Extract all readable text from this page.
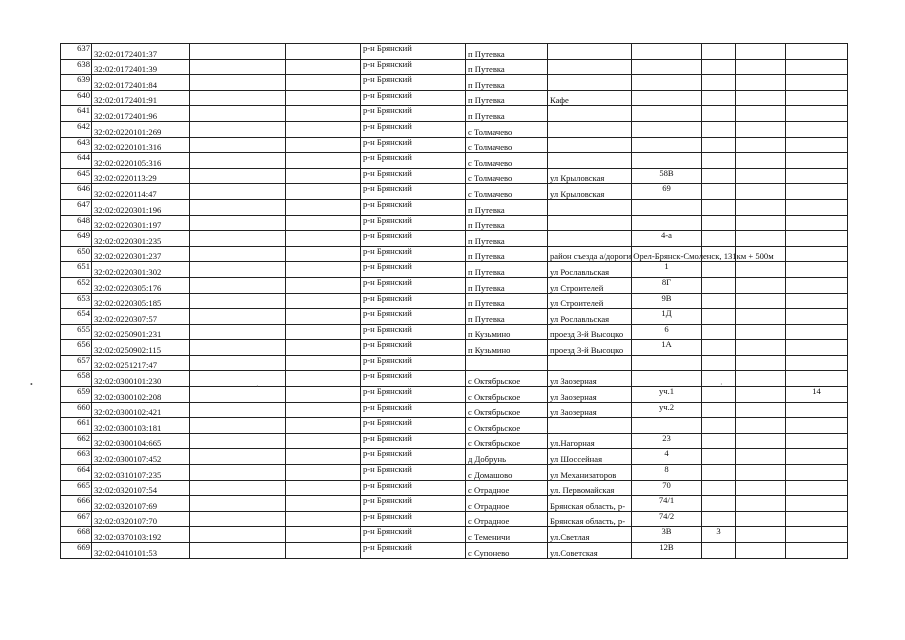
637	32:02:0172401:37			р-н Брянский	п Путевка					
638	32:02:0172401:39			р-н Брянский	п Путевка					
639	32:02:0172401:84			р-н Брянский	п Путевка					
640	32:02:0172401:91			р-н Брянский	п Путевка	Кафе				
641	32:02:0172401:96			р-н Брянский	п Путевка					
642	32:02:0220101:269			р-н Брянский	с Толмачево					
643	32:02:0220101:316			р-н Брянский	с Толмачево					
644	32:02:0220105:316			р-н Брянский	с Толмачево					
645	32:02:0220113:29			р-н Брянский	с Толмачево	ул Крыловская	58В			
646	32:02:0220114:47			р-н Брянский	с Толмачево	ул Крыловская	69			
647	32:02:0220301:196			р-н Брянский	п Путевка					
648	32:02:0220301:197			р-н Брянский	п Путевка					
649	32:02:0220301:235			р-н Брянский	п Путевка		4-а			
650	32:02:0220301:237			р-н Брянский	п Путевка	район съезда а/дороги Орел-Брянск-Смоленск, 131км + 500м				
651	32:02:0220301:302			р-н Брянский	п Путевка	ул Рославльская	1			
652	32:02:0220305:176			р-н Брянский	п Путевка	ул Строителей	8Г			
653	32:02:0220305:185			р-н Брянский	п Путевка	ул Строителей	9В			
654	32:02:0220307:57			р-н Брянский	п Путевка	ул Рославльская	1Д			
655	32:02:0250901:231			р-н Брянский	п Кузьмино	проезд 3-й Высоцко	6			
656	32:02:0250902:115			р-н Брянский	п Кузьмино	проезд 3-й Высоцко	1А			
657	32:02:0251217:47			р-н Брянский						
658	32:02:0300101:230			р-н Брянский	с Октябрьское	ул Заозерная				
659	32:02:0300102:208			р-н Брянский	с Октябрьское	ул Заозерная	уч.1			14
660	32:02:0300102:421			р-н Брянский	с Октябрьское	ул Заозерная	уч.2			
661	32:02:0300103:181			р-н Брянский	с Октябрьское					
662	32:02:0300104:665			р-н Брянский	с Октябрьское	ул.Нагорная	23			
663	32:02:0300107:452			р-н Брянский	д Добрунь	ул Шоссейная	4			
664	32:02:0310107:235			р-н Брянский	с Домашово	ул Механизаторов	8			
665	32:02:0320107:54			р-н Брянский	с Отрадное	ул. Первомайская	70			
666	32:02:0320107:69			р-н Брянский	с Отрадное	Брянская область, р-	74/1			
667	32:02:0320107:70			р-н Брянский	с Отрадное	Брянская область, р-	74/2			
668	32:02:0370103:192			р-н Брянский	с Теменичи	ул.Светлая	3В	3		
669	32:02:0410101:53			р-н Брянский	с Супонево	ул.Советская	12В			
•	·	·
